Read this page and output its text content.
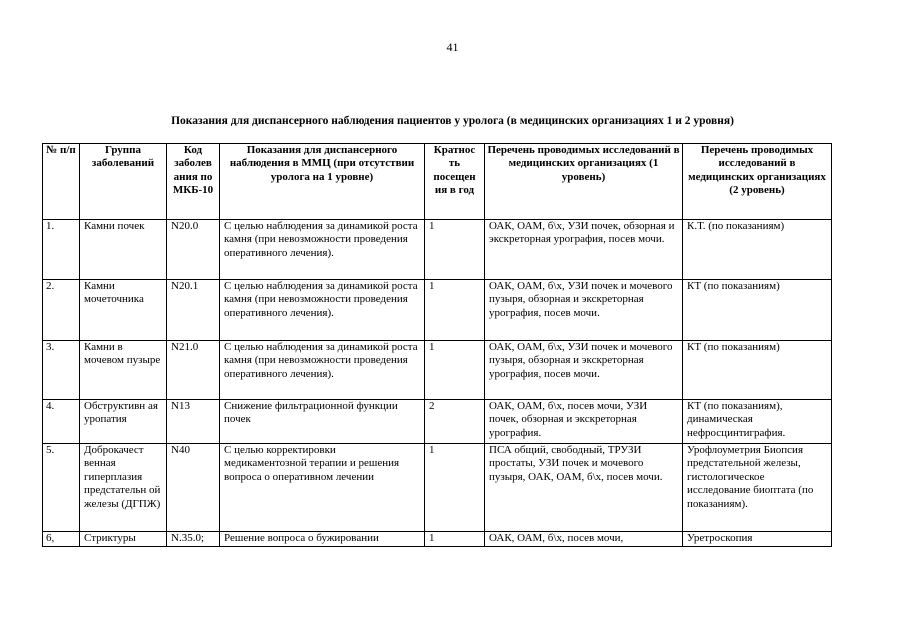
41
Показания для диспансерного наблюдения пациентов у уролога (в медицинских организациях 1 и 2 уровня)
№ п/п	Группа заболеваний	Код заболев ания по МКБ-10	Показания для диспансерного наблюдения в ММЦ (при отсутствии уролога на 1 уровне)	Кратнос ть посещен ия в год	Перечень проводимых исследований в медицинских организациях (1 уровень)	Перечень проводимых исследований в медицинских организациях (2 уровень)
1.	Камни почек	N20.0	С целью наблюдения за динамикой роста камня (при невозможности проведения оперативного лечения).	1	ОАК, ОАМ, б\х, УЗИ почек, обзорная и экскреторная урография, посев мочи.	К.Т. (по показаниям)
2.	Камни мочеточника	N20.1	С целью наблюдения за динамикой роста камня (при невозможности проведения оперативного лечения).	1	ОАК, ОАМ, б\х, УЗИ почек и мочевого пузыря, обзорная и экскреторная урография, посев мочи.	КТ (по показаниям)
3.	Камни в мочевом пузыре	N21.0	С целью наблюдения за динамикой роста камня (при невозможности проведения оперативного лечения).	1	ОАК, ОАМ, б\х, УЗИ почек и мочевого пузыря, обзорная и экскреторная урография, посев мочи.	КТ (по показаниям)
4.	Обструктивн ая уропатия	N13	Снижение фильтрационной функции почек	2	ОАК, ОАМ, б\х, посев мочи, УЗИ почек, обзорная и экскреторная урография.	КТ (по показаниям), динамическая нефросцинтиграфия.
5.	Доброкачест венная гиперплазия предстательн ой железы (ДГПЖ)	N40	С целью корректировки медикаментозной терапии и решения вопроса о оперативном лечении	1	ПСА общий, свободный, ТРУЗИ простаты, УЗИ почек и мочевого пузыря, ОАК, ОАМ, б\х, посев мочи.	Урофлоуметрия Биопсия предстательной железы, гистологическое исследование биоптата (по показаниям).
6,	Стриктуры	N.35.0;	Решение вопроса о бужировании	1	ОАК, ОАМ, б\х, посев мочи,	Уретроскопия
